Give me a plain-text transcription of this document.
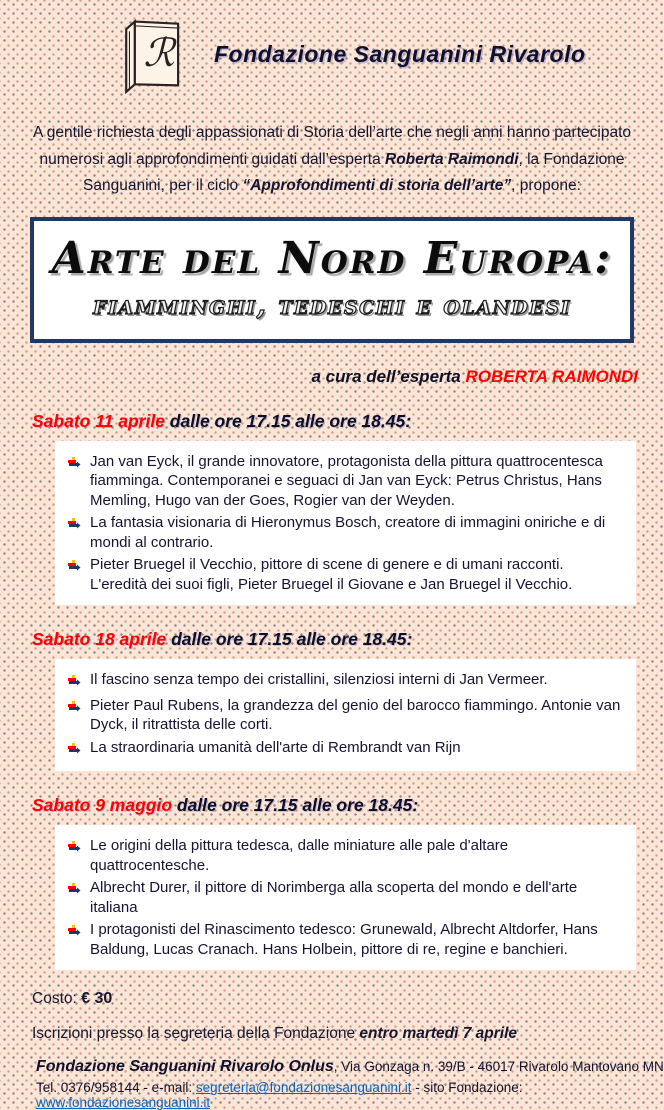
ℛ Fondazione Sanguanini Rivarolo

A gentile richiesta degli appassionati di Storia dell’arte che negli anni hanno partecipato numerosi agli approfondimenti guidati dall’esperta Roberta Raimondi, la Fondazione Sanguanini, per il ciclo “Approfondimenti di storia dell’arte”, propone:

Arte del Nord Europa:
fiamminghi, tedeschi e olandesi

a cura dell’esperta ROBERTA RAIMONDI

Sabato 11 aprile dalle ore 17.15 alle ore 18.45:
Jan van Eyck, il grande innovatore, protagonista della pittura quattrocentesca fiamminga. Contemporanei e seguaci di Jan van Eyck: Petrus Christus, Hans Memling, Hugo van der Goes, Rogier van der Weyden.
La fantasia visionaria di Hieronymus Bosch, creatore di immagini oniriche e di mondi al contrario.
Pieter Bruegel il Vecchio, pittore di scene di genere e di umani racconti. L'eredità dei suoi figli, Pieter Bruegel il Giovane e Jan Bruegel il Vecchio.
Sabato 18 aprile dalle ore 17.15 alle ore 18.45:
Il fascino senza tempo dei cristallini, silenziosi interni di Jan Vermeer.
Pieter Paul Rubens, la grandezza del genio del barocco fiammingo. Antonie van Dyck, il ritrattista delle corti.
La straordinaria umanità dell'arte di Rembrandt van Rijn
Sabato 9 maggio dalle ore 17.15 alle ore 18.45:
Le origini della pittura tedesca, dalle miniature alle pale d'altare quattrocentesche.
Albrecht Durer, il pittore di Norimberga alla scoperta del mondo e dell'arte italiana
I protagonisti del Rinascimento tedesco: Grunewald, Albrecht Altdorfer, Hans Baldung, Lucas Cranach. Hans Holbein, pittore di re, regine e banchieri.

Costo: € 30

Iscrizioni presso la segreteria della Fondazione entro martedì 7 aprile

Fondazione Sanguanini Rivarolo Onlus, Via Gonzaga n. 39/B - 46017 Rivarolo Mantovano MN

Tel. 0376/958144 - e-mail: segreteria@fondazionesanguanini.it - sito Fondazione: www.fondazionesanguanini.it
